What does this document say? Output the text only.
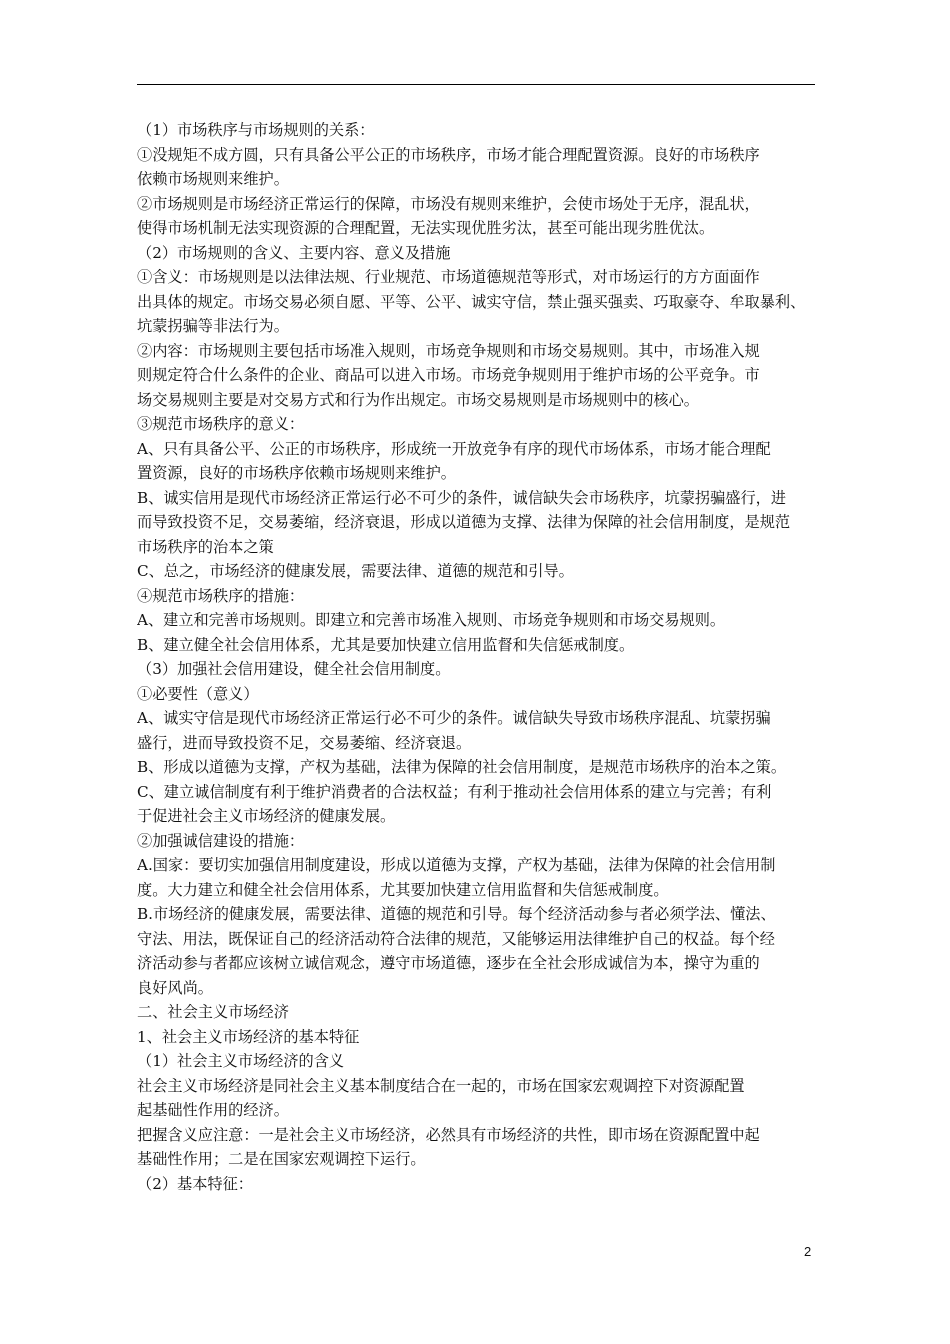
（1）市场秩序与市场规则的关系：
①没规矩不成方圆，只有具备公平公正的市场秩序，市场才能合理配置资源。良好的市场秩序
依赖市场规则来维护。
②市场规则是市场经济正常运行的保障，市场没有规则来维护，会使市场处于无序，混乱状，
使得市场机制无法实现资源的合理配置，无法实现优胜劣汰，甚至可能出现劣胜优汰。
（2）市场规则的含义、主要内容、意义及措施
①含义：市场规则是以法律法规、行业规范、市场道德规范等形式，对市场运行的方方面面作
出具体的规定。市场交易必须自愿、平等、公平、诚实守信，禁止强买强卖、巧取豪夺、牟取暴利、
坑蒙拐骗等非法行为。
②内容：市场规则主要包括市场准入规则，市场竞争规则和市场交易规则。其中，市场准入规
则规定符合什么条件的企业、商品可以进入市场。市场竞争规则用于维护市场的公平竞争。市
场交易规则主要是对交易方式和行为作出规定。市场交易规则是市场规则中的核心。
③规范市场秩序的意义：
A、只有具备公平、公正的市场秩序，形成统一开放竞争有序的现代市场体系，市场才能合理配
置资源，良好的市场秩序依赖市场规则来维护。
B、诚实信用是现代市场经济正常运行必不可少的条件，诚信缺失会市场秩序，坑蒙拐骗盛行，进
而导致投资不足，交易萎缩，经济衰退，形成以道德为支撑、法律为保障的社会信用制度，是规范
市场秩序的治本之策
C、总之，市场经济的健康发展，需要法律、道德的规范和引导。
④规范市场秩序的措施：
A、建立和完善市场规则。即建立和完善市场准入规则、市场竞争规则和市场交易规则。
B、建立健全社会信用体系，尤其是要加快建立信用监督和失信惩戒制度。
（3）加强社会信用建设，健全社会信用制度。
①必要性（意义）
A、诚实守信是现代市场经济正常运行必不可少的条件。诚信缺失导致市场秩序混乱、坑蒙拐骗
盛行，进而导致投资不足，交易萎缩、经济衰退。
B、形成以道德为支撑，产权为基础，法律为保障的社会信用制度，是规范市场秩序的治本之策。
C、建立诚信制度有利于维护消费者的合法权益；有利于推动社会信用体系的建立与完善；有利
于促进社会主义市场经济的健康发展。
②加强诚信建设的措施：
A.国家：要切实加强信用制度建设，形成以道德为支撑，产权为基础，法律为保障的社会信用制
度。大力建立和健全社会信用体系，尤其要加快建立信用监督和失信惩戒制度。
B.市场经济的健康发展，需要法律、道德的规范和引导。每个经济活动参与者必须学法、懂法、
守法、用法，既保证自己的经济活动符合法律的规范，又能够运用法律维护自己的权益。每个经
济活动参与者都应该树立诚信观念，遵守市场道德，逐步在全社会形成诚信为本，操守为重的
良好风尚。
二、社会主义市场经济
1、社会主义市场经济的基本特征
（1）社会主义市场经济的含义
社会主义市场经济是同社会主义基本制度结合在一起的，市场在国家宏观调控下对资源配置
起基础性作用的经济。
把握含义应注意：一是社会主义市场经济，必然具有市场经济的共性，即市场在资源配置中起
基础性作用；二是在国家宏观调控下运行。
（2）基本特征：
2
